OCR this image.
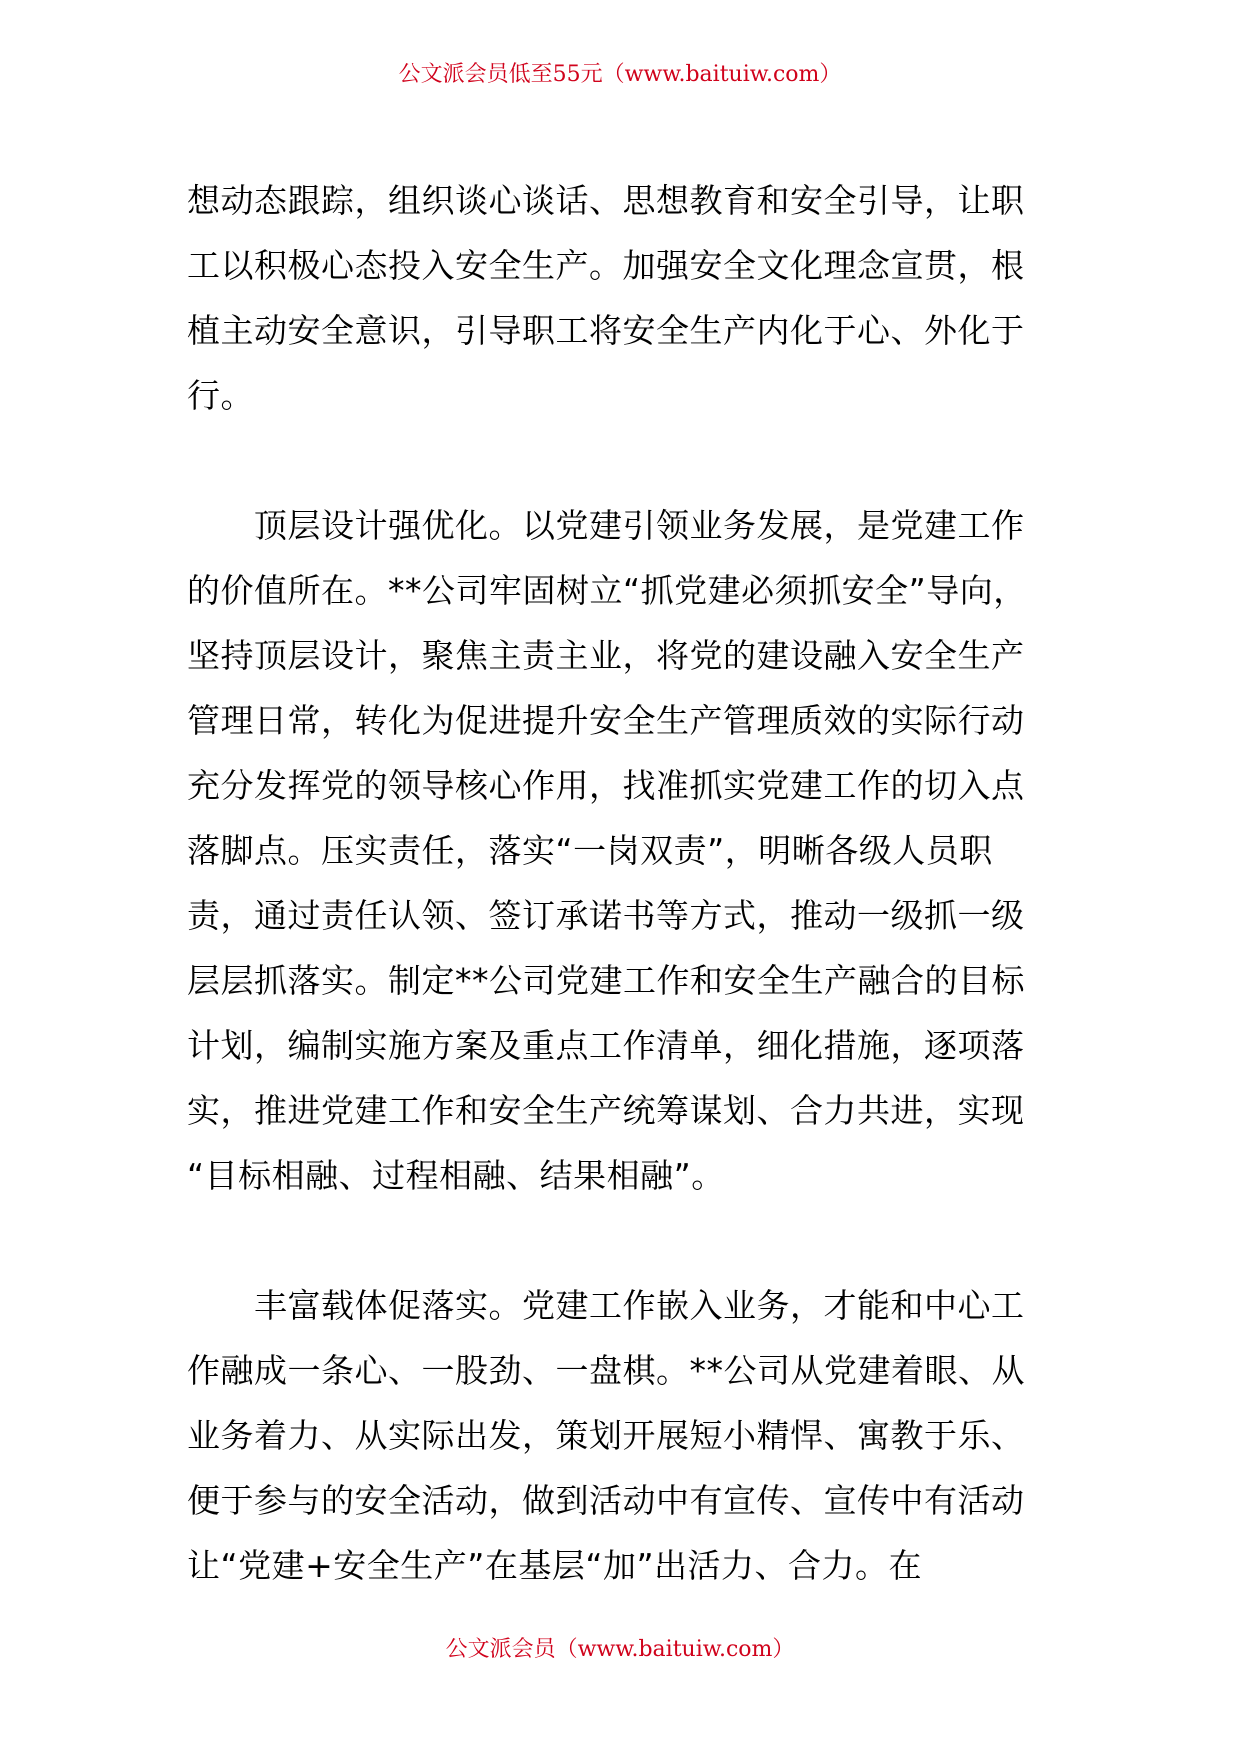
公文派会员低至55元（www.baituiw.com）
想动态跟踪，组织谈心谈话、思想教育和安全引导，让职
工以积极心态投入安全生产。加强安全文化理念宣贯，根
植主动安全意识，引导职工将安全生产内化于心、外化于
行。
　　顶层设计强优化。以党建引领业务发展，是党建工作
的价值所在。**公司牢固树立“抓党建必须抓安全”导向，
坚持顶层设计，聚焦主责主业，将党的建设融入安全生产
管理日常，转化为促进提升安全生产管理质效的实际行动
充分发挥党的领导核心作用，找准抓实党建工作的切入点
落脚点。压实责任，落实“一岗双责”，明晰各级人员职
责，通过责任认领、签订承诺书等方式，推动一级抓一级
层层抓落实。制定**公司党建工作和安全生产融合的目标
计划，编制实施方案及重点工作清单，细化措施，逐项落
实，推进党建工作和安全生产统筹谋划、合力共进，实现
“目标相融、过程相融、结果相融”。
　　丰富载体促落实。党建工作嵌入业务，才能和中心工
作融成一条心、一股劲、一盘棋。**公司从党建着眼、从
业务着力、从实际出发，策划开展短小精悍、寓教于乐、
便于参与的安全活动，做到活动中有宣传、宣传中有活动
让“党建+安全生产”在基层“加”出活力、合力。在
公文派会员（www.baituiw.com）
